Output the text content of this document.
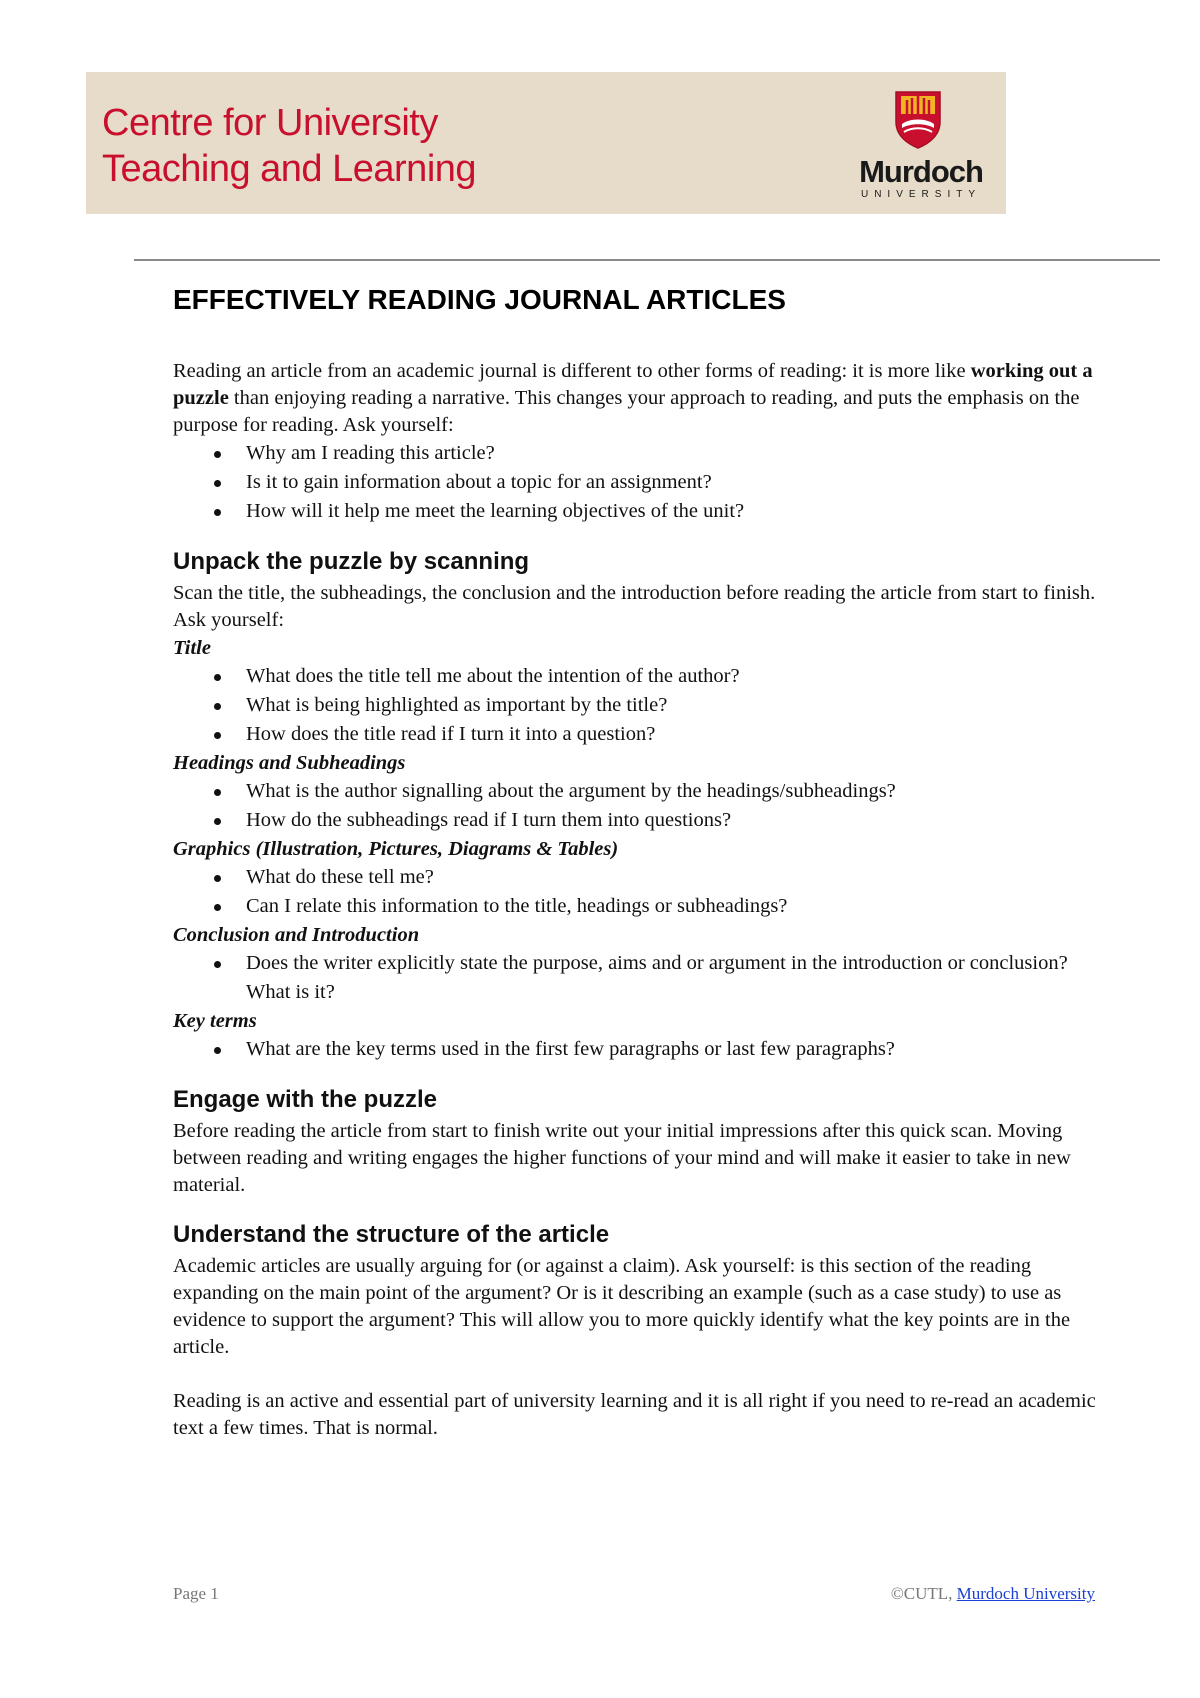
Centre for University
Teaching and Learning	Murdoch
UNIVERSITY
EFFECTIVELY READING JOURNAL ARTICLES

Reading an article from an academic journal is different to other forms of reading: it is more like working out a puzzle than enjoying reading a narrative. This changes your approach to reading, and puts the emphasis on the purpose for reading. Ask yourself:

Why am I reading this article?
Is it to gain information about a topic for an assignment?
How will it help me meet the learning objectives of the unit?
Unpack the puzzle by scanning

Scan the title, the subheadings, the conclusion and the introduction before reading the article from start to finish. Ask yourself:

Title
What does the title tell me about the intention of the author?
What is being highlighted as important by the title?
How does the title read if I turn it into a question?
Headings and Subheadings
What is the author signalling about the argument by the headings/subheadings?
How do the subheadings read if I turn them into questions?
Graphics (Illustration, Pictures, Diagrams & Tables)
What do these tell me?
Can I relate this information to the title, headings or subheadings?
Conclusion and Introduction
Does the writer explicitly state the purpose, aims and or argument in the introduction or conclusion? What is it?
Key terms
What are the key terms used in the first few paragraphs or last few paragraphs?
Engage with the puzzle

Before reading the article from start to finish write out your initial impressions after this quick scan. Moving between reading and writing engages the higher functions of your mind and will make it easier to take in new material.

Understand the structure of the article

Academic articles are usually arguing for (or against a claim). Ask yourself: is this section of the reading expanding on the main point of the argument? Or is it describing an example (such as a case study) to use as evidence to support the argument? This will allow you to more quickly identify what the key points are in the article.

Reading is an active and essential part of university learning and it is all right if you need to re-read an academic text a few times. That is normal.

Page 1	©CUTL, Murdoch University
